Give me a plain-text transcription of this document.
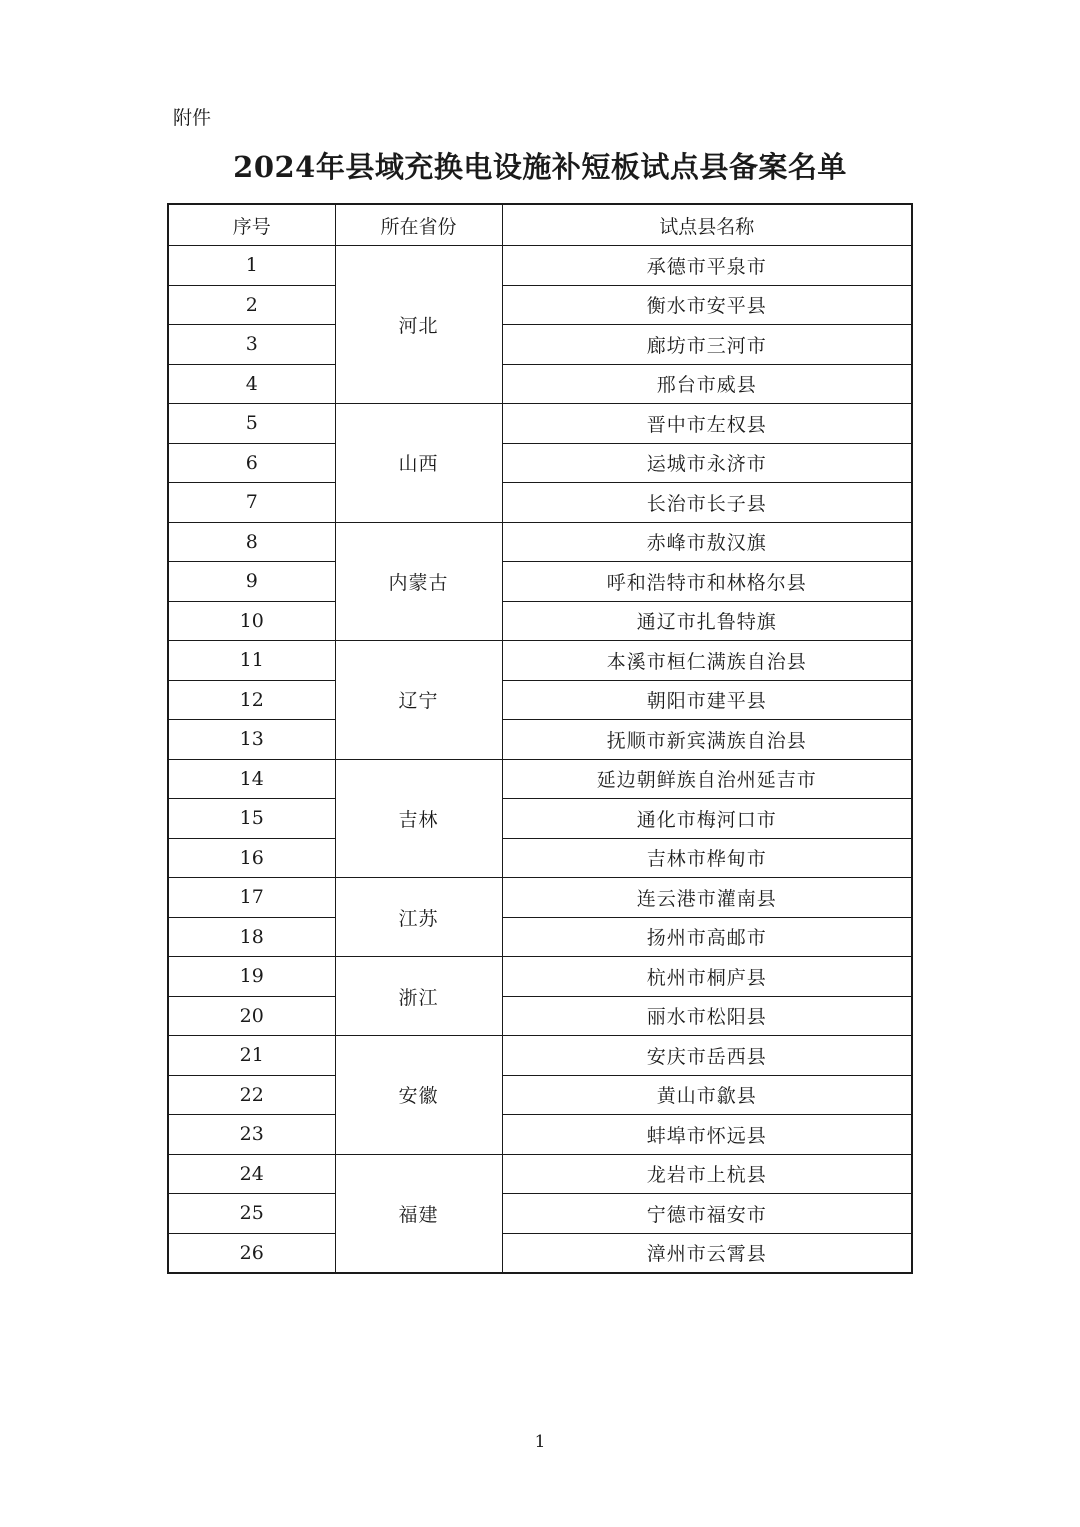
附件
2024年县域充换电设施补短板试点县备案名单
序号	所在省份	试点县名称
1	河北	承德市平泉市
2		衡水市安平县
3		廊坊市三河市
4		邢台市威县
5	山西	晋中市左权县
6		运城市永济市
7		长治市长子县
8	内蒙古	赤峰市敖汉旗
9		呼和浩特市和林格尔县
10		通辽市扎鲁特旗
11	辽宁	本溪市桓仁满族自治县
12		朝阳市建平县
13		抚顺市新宾满族自治县
14	吉林	延边朝鲜族自治州延吉市
15		通化市梅河口市
16		吉林市桦甸市
17	江苏	连云港市灌南县
18		扬州市高邮市
19	浙江	杭州市桐庐县
20		丽水市松阳县
21	安徽	安庆市岳西县
22		黄山市歙县
23		蚌埠市怀远县
24	福建	龙岩市上杭县
25		宁德市福安市
26		漳州市云霄县
1
